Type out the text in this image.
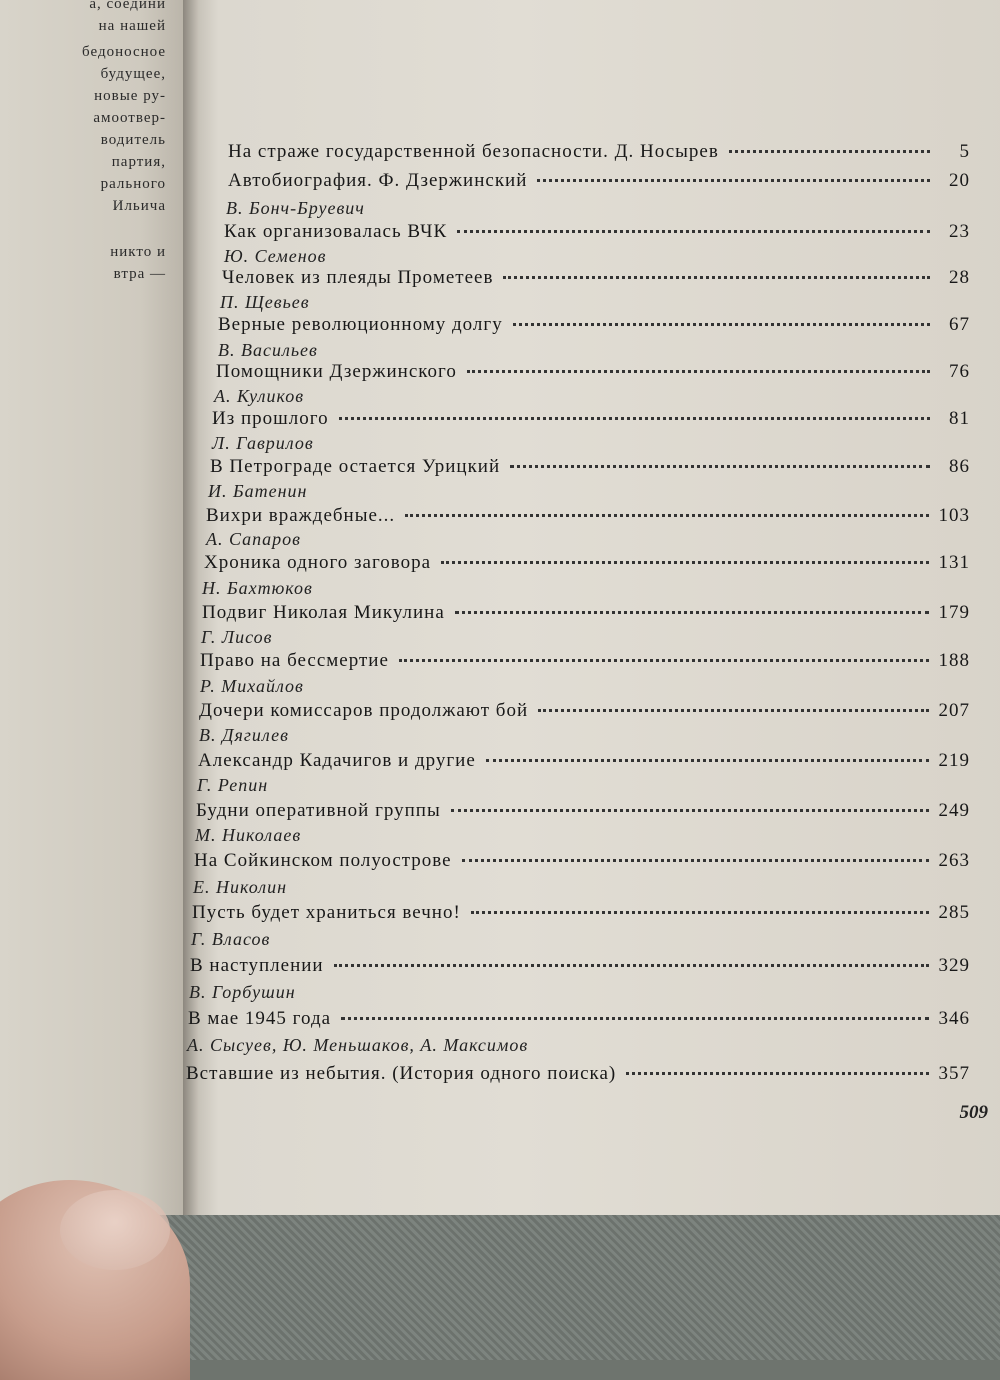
а, соедини
на нашей
бедоносное
будущее,
новые ру-
амоотвер-
водитель
партия,
рального
Ильича
никто и
втра —
На страже государственной безопасности. Д. Носырев	5
Автобиография. Ф. Дзержинский	20
В. Бонч-Бруевич
Как организовалась ВЧК	23
Ю. Семенов
Человек из плеяды Прометеев	28
П. Щевьев
Верные революционному долгу	67
В. Васильев
Помощники Дзержинского	76
А. Куликов
Из прошлого	81
Л. Гаврилов
В Петрограде остается Урицкий	86
И. Батенин
Вихри враждебные...	103
А. Сапаров
Хроника одного заговора	131
Н. Бахтюков
Подвиг Николая Микулина	179
Г. Лисов
Право на бессмертие	188
Р. Михайлов
Дочери комиссаров продолжают бой	207
В. Дягилев
Александр Кадачигов и другие	219
Г. Репин
Будни оперативной группы	249
М. Николаев
На Сойкинском полуострове	263
Е. Николин
Пусть будет храниться вечно!	285
Г. Власов
В наступлении	329
В. Горбушин
В мае 1945 года	346
А. Сысуев, Ю. Меньшаков, А. Максимов
Вставшие из небытия. (История одного поиска)	357
509
